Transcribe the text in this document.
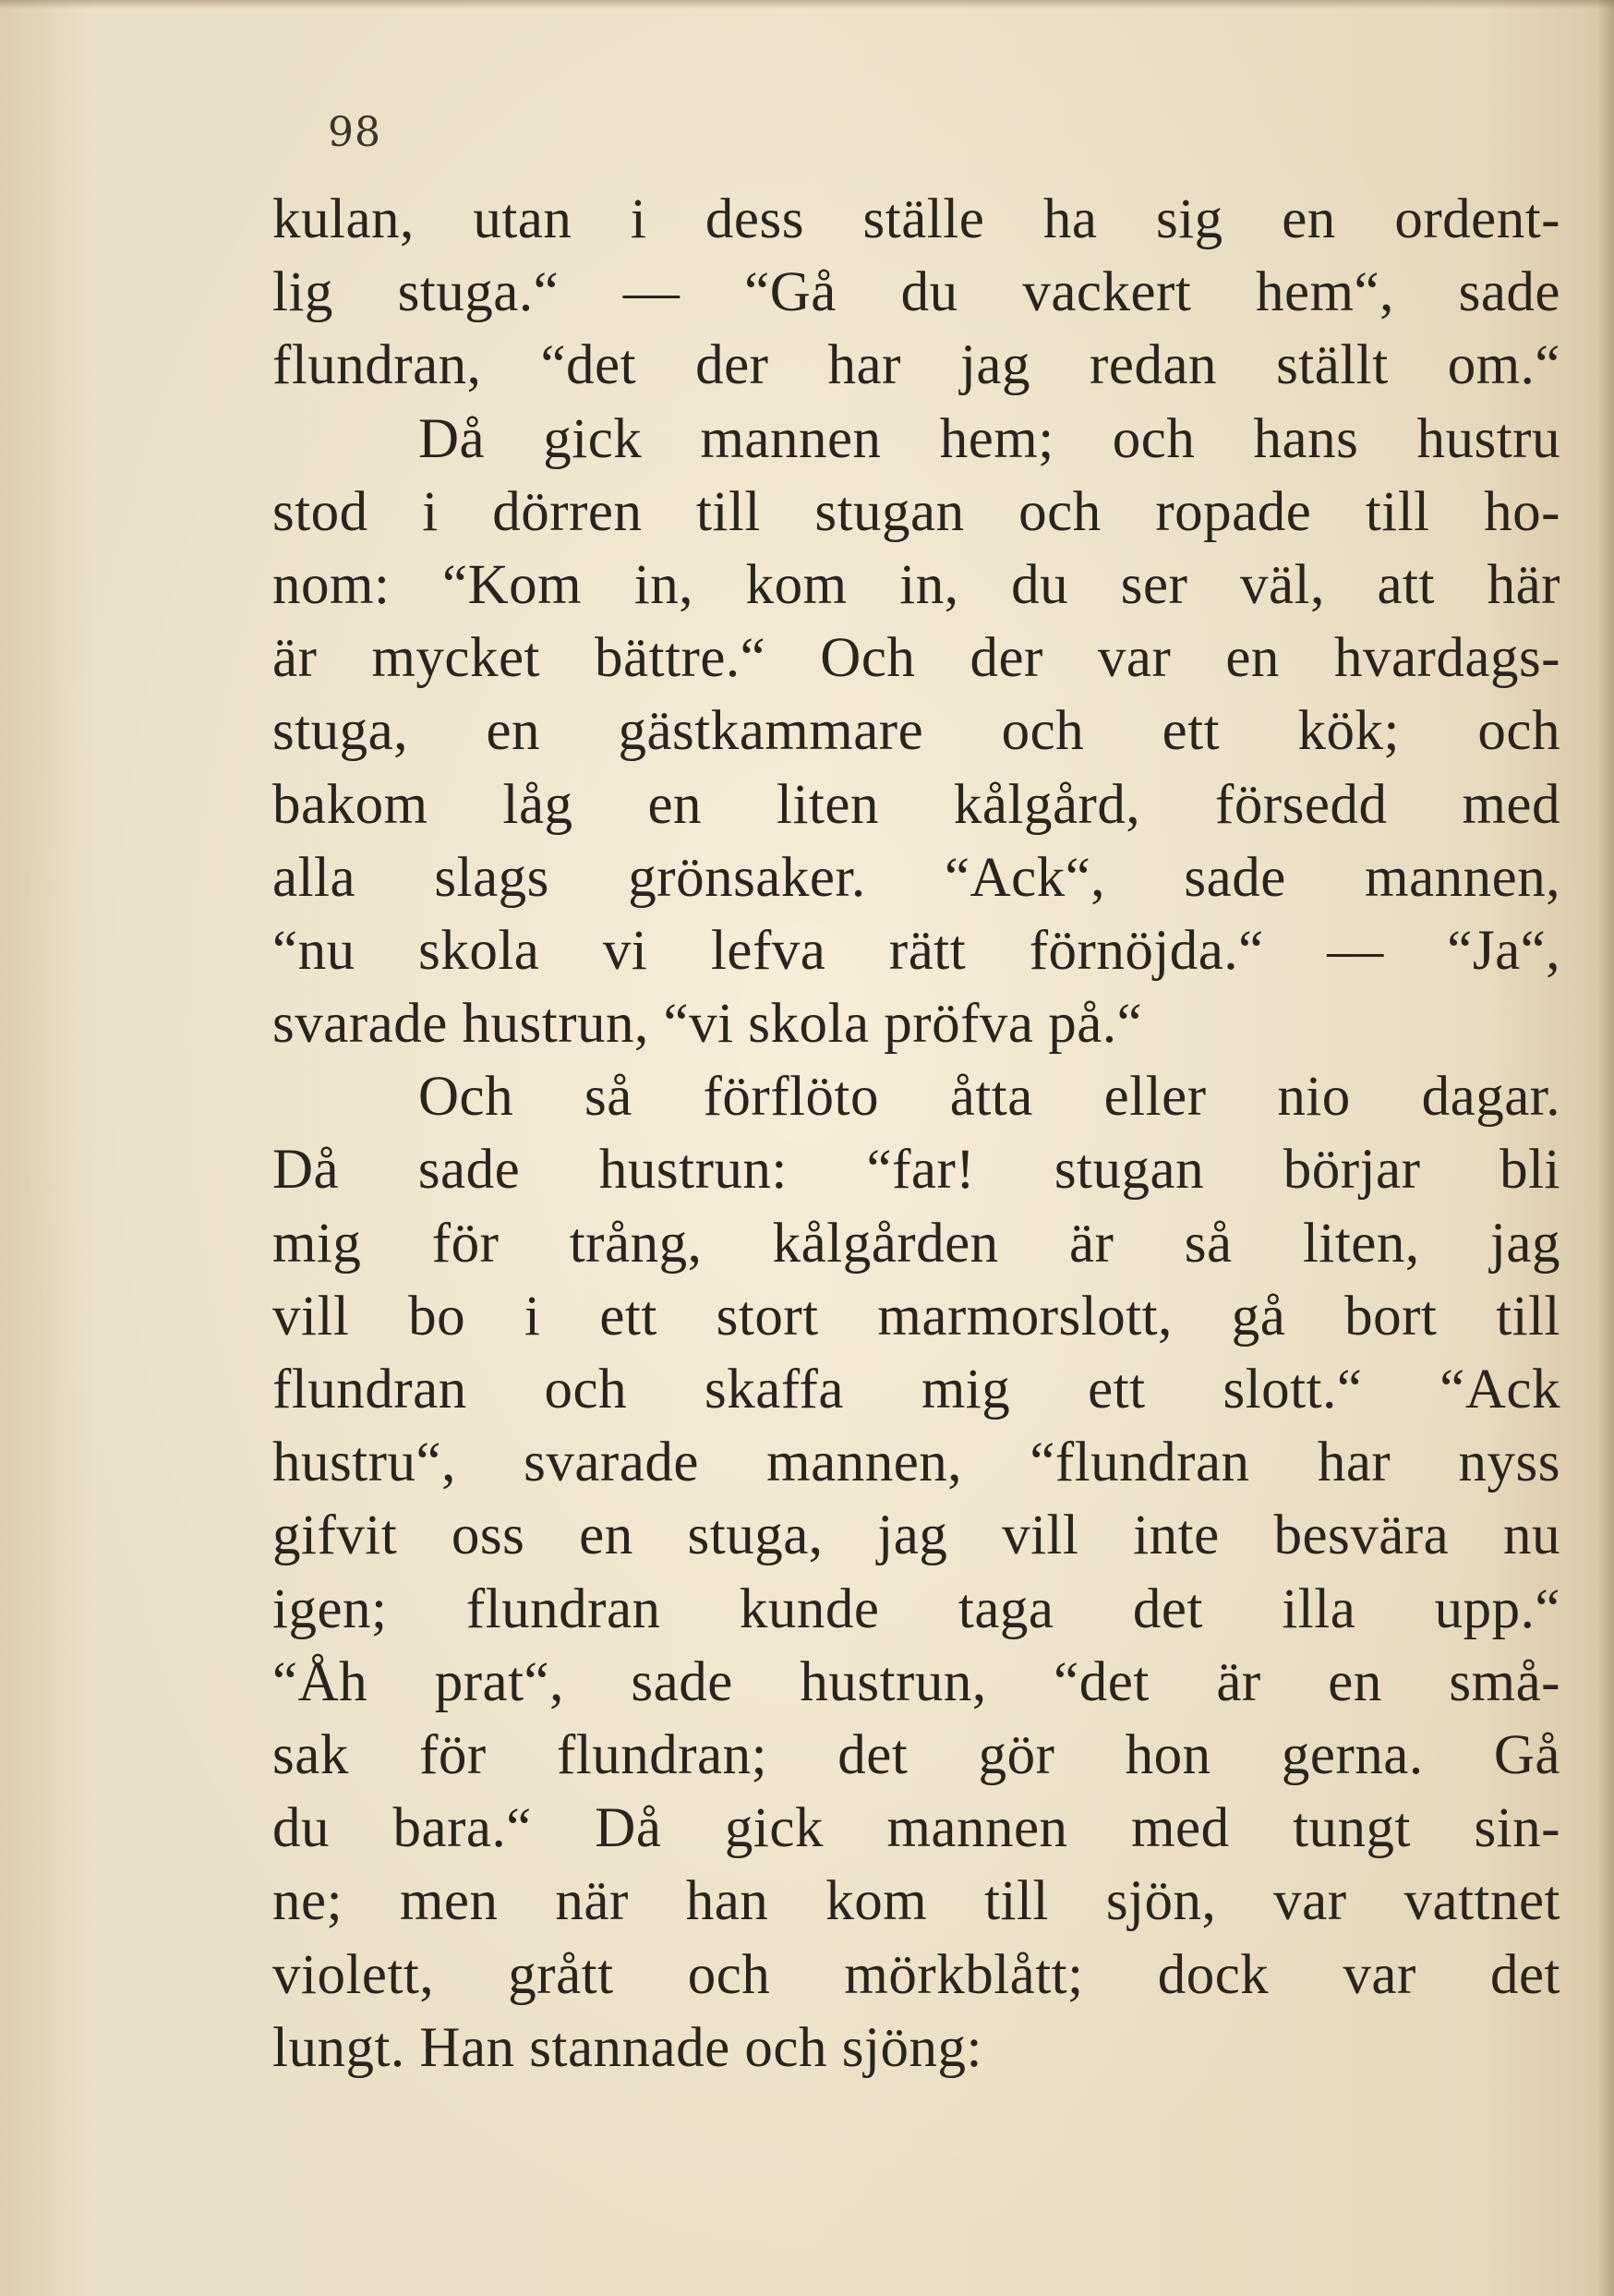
98
kulan, utan i dess ställe ha sig en ordent-
lig stuga.“ — “Gå du vackert hem“, sade
flundran, “det der har jag redan ställt om.“
Då gick mannen hem; och hans hustru
stod i dörren till stugan och ropade till ho-
nom: “Kom in, kom in, du ser väl, att här
är mycket bättre.“ Och der var en hvardags-
stuga, en gästkammare och ett kök; och
bakom låg en liten kålgård, försedd med
alla slags grönsaker. “Ack“, sade mannen,
“nu skola vi lefva rätt förnöjda.“ — “Ja“,
svarade hustrun, “vi skola pröfva på.“
Och så förflöto åtta eller nio dagar.
Då sade hustrun: “far! stugan börjar bli
mig för trång, kålgården är så liten, jag
vill bo i ett stort marmorslott, gå bort till
flundran och skaffa mig ett slott.“ “Ack
hustru“, svarade mannen, “flundran har nyss
gifvit oss en stuga, jag vill inte besvära nu
igen; flundran kunde taga det illa upp.“
“Åh prat“, sade hustrun, “det är en små-
sak för flundran; det gör hon gerna. Gå
du bara.“ Då gick mannen med tungt sin-
ne; men när han kom till sjön, var vattnet
violett, grått och mörkblått; dock var det
lungt. Han stannade och sjöng:
